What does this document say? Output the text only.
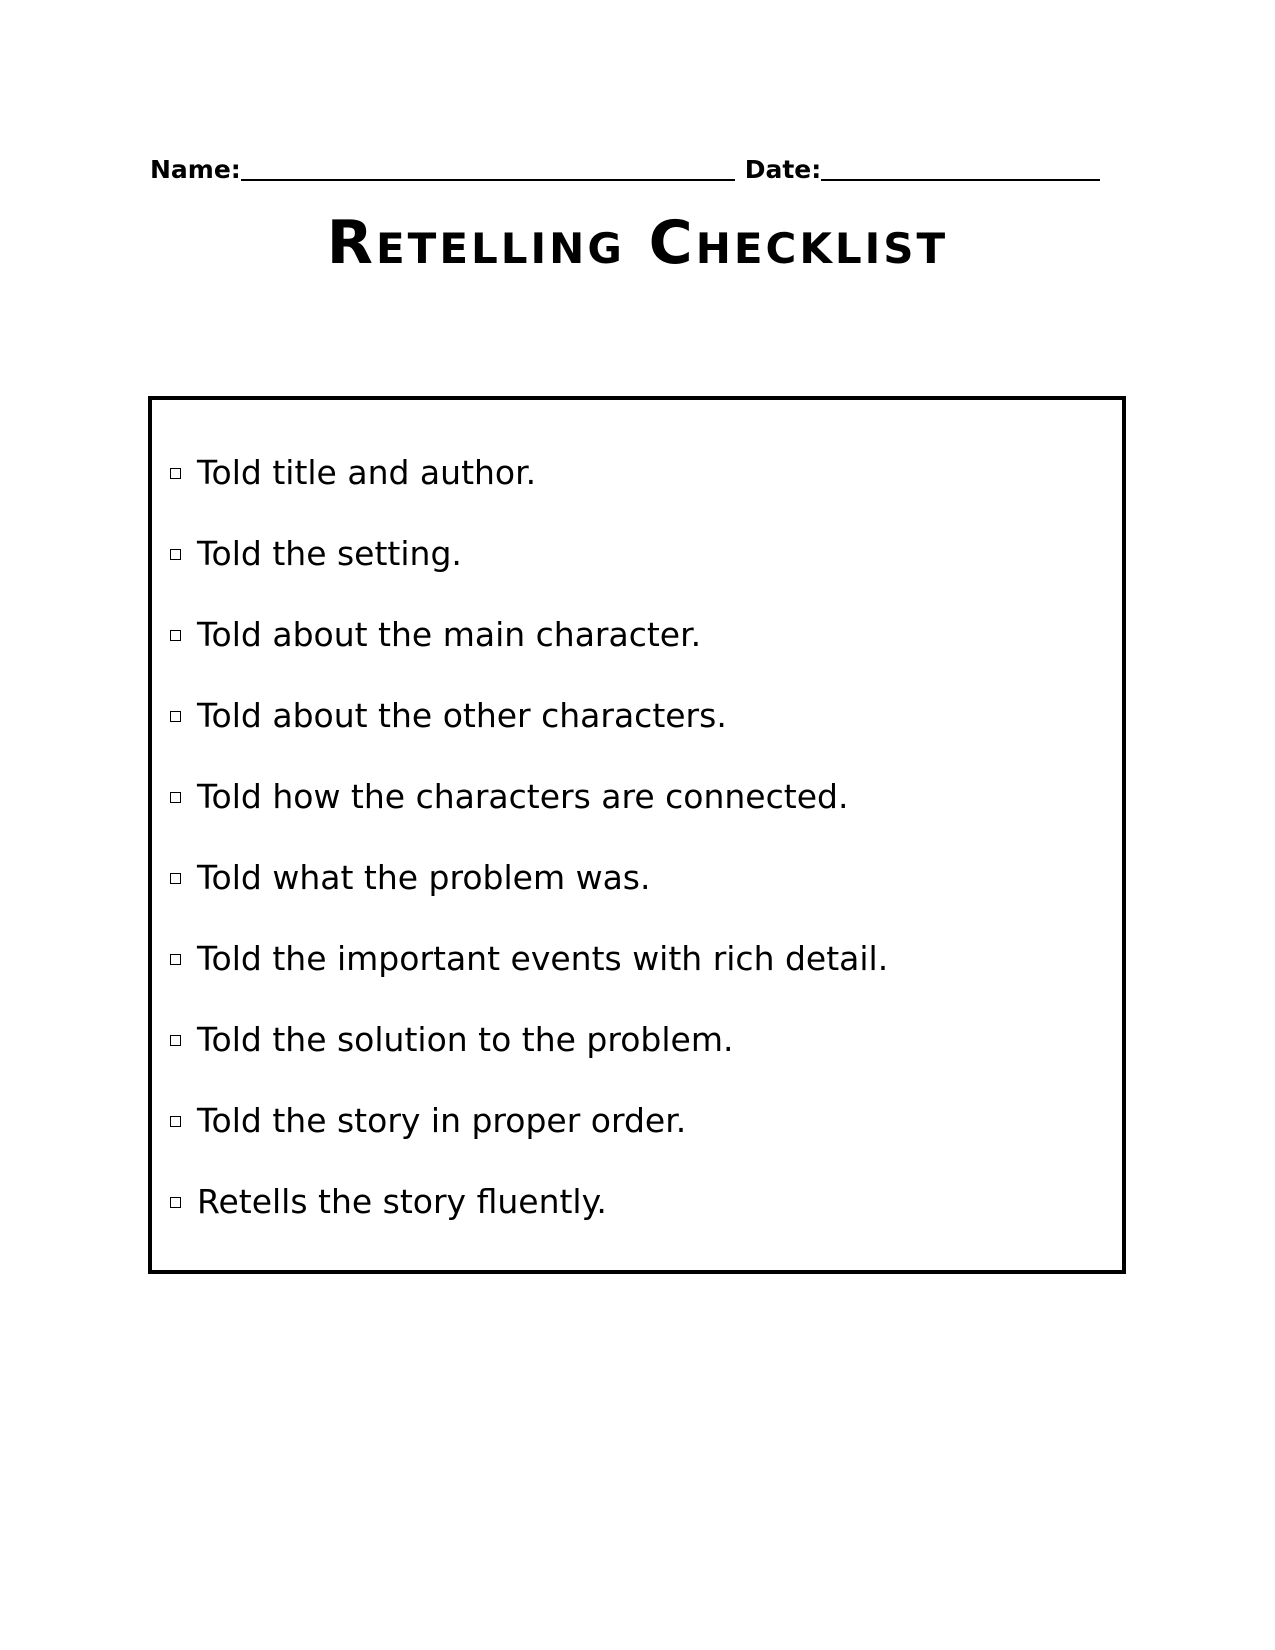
Name:	Date:
Retelling Checklist
Told title and author.
Told the setting.
Told about the main character.
Told about the other characters.
Told how the characters are connected.
Told what the problem was.
Told the important events with rich detail.
Told the solution to the problem.
Told the story in proper order.
Retells the story fluently.
